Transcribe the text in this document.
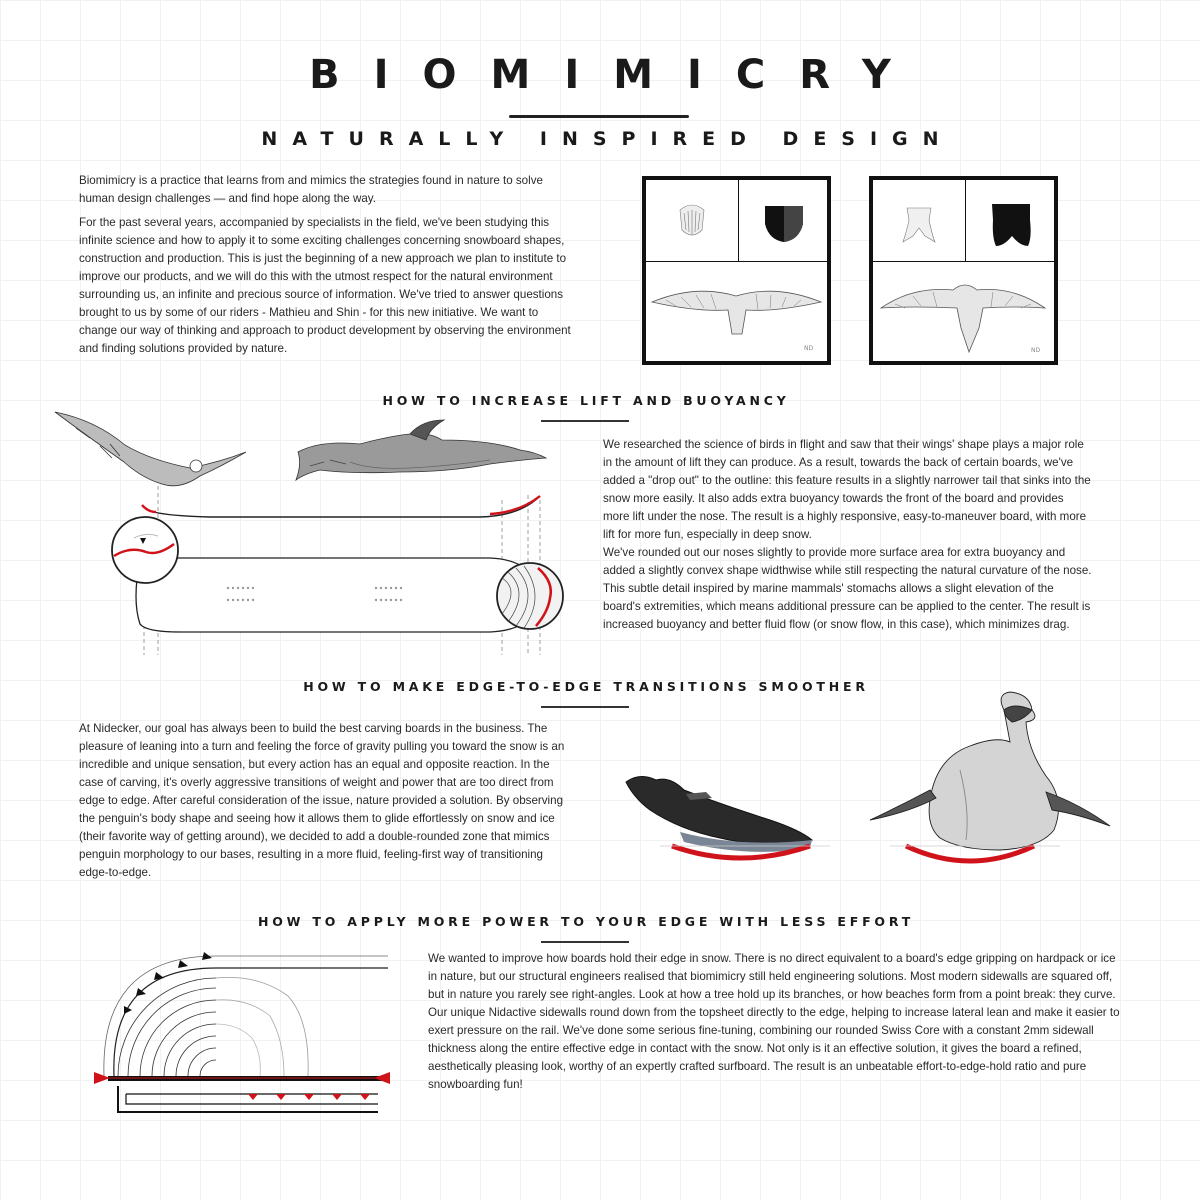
BIOMIMICRY
NATURALLY INSPIRED DESIGN

Biomimicry is a practice that learns from and mimics the strategies found in nature to solve human design challenges — and find hope along the way.

For the past several years, accompanied by specialists in the field, we've been studying this infinite science and how to apply it to some exciting challenges concerning snowboard shapes, construction and production. This is just the beginning of a new approach we plan to institute to improve our products, and we will do this with the utmost respect for the natural environment surrounding us, an infinite and precious source of information. We've tried to answer questions brought to us by some of our riders - Mathieu and Shin - for this new initiative. We want to change our way of thinking and approach to product development by observing the environment and finding solutions provided by nature.	ND	ND
HOW TO INCREASE LIFT AND BUOYANCY

We researched the science of birds in flight and saw that their wings' shape plays a major role in the amount of lift they can produce. As a result, towards the back of certain boards, we've added a "drop out" to the outline: this feature results in a slightly narrower tail that sinks into the snow more easily. It also adds extra buoyancy towards the front of the board and provides more lift under the nose. The result is a highly responsive, easy-to-maneuver board, with more lift for more fun, especially in deep snow.

We've rounded out our noses slightly to provide more surface area for extra buoyancy and added a slightly convex shape widthwise while still respecting the natural curvature of the nose. This subtle detail inspired by marine mammals' stomachs allows a slight elevation of the board's extremities, which means additional pressure can be applied to the center. The result is increased buoyancy and better fluid flow (or snow flow, in this case), which minimizes drag.

HOW TO MAKE EDGE-TO-EDGE TRANSITIONS SMOOTHER

At Nidecker, our goal has always been to build the best carving boards in the business. The pleasure of leaning into a turn and feeling the force of gravity pulling you toward the snow is an incredible and unique sensation, but every action has an equal and opposite reaction. In the case of carving, it's overly aggressive transitions of weight and power that are too direct from edge to edge. After careful consideration of the issue, nature provided a solution. By observing the penguin's body shape and seeing how it allows them to glide effortlessly on snow and ice (their favorite way of getting around), we decided to add a double-rounded zone that mimics penguin morphology to our bases, resulting in a more fluid, feeling-first way of transitioning edge-to-edge.

HOW TO APPLY MORE POWER TO YOUR EDGE WITH LESS EFFORT

We wanted to improve how boards hold their edge in snow. There is no direct equivalent to a board's edge gripping on hardpack or ice in nature, but our structural engineers realised that biomimicry still held engineering solutions. Most modern sidewalls are squared off, but in nature you rarely see right-angles. Look at how a tree hold up its branches, or how beaches form from a point break: they curve.

Our unique Nidactive sidewalls round down from the topsheet directly to the edge, helping to increase lateral lean and make it easier to exert pressure on the rail. We've done some serious fine-tuning, combining our rounded Swiss Core with a constant 2mm sidewall thickness along the entire effective edge in contact with the snow. Not only is it an effective solution, it gives the board a refined, aesthetically pleasing look, worthy of an expertly crafted surfboard. The result is an unbeatable effort-to-edge-hold ratio and pure snowboarding fun!
